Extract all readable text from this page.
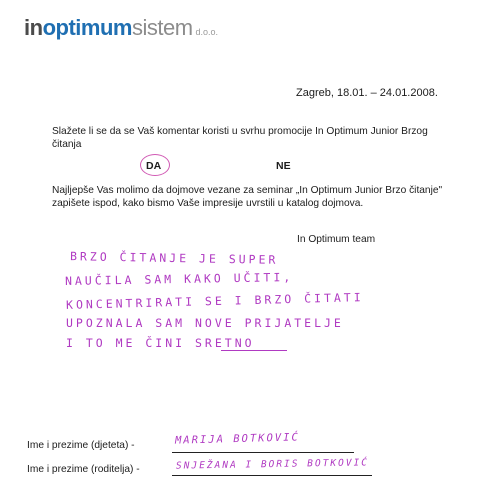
inoptimumsistem d.o.o.
Zagreb, 18.01. – 24.01.2008.
Slažete li se da se Vaš komentar koristi u svrhu promocije In Optimum Junior Brzog čitanja
DA	NE
Najljepše Vas molimo da dojmove vezane za seminar „In Optimum Junior Brzo čitanje" zapišete ispod, kako bismo Vaše impresije uvrstili u katalog dojmova.
In Optimum team
BRZO ČITANJE JE SUPER
NAUČILA SAM KAKO UČITI,
KONCENTRIRATI SE I BRZO ČITATI
UPOZNALA SAM NOVE PRIJATELJE
I TO ME ČINI SRETNO
Ime i prezime (djeteta) -	MARIJA BOTKOVIĆ
Ime i prezime (roditelja) -	SNJEŽANA I BORIS BOTKOVIĆ
